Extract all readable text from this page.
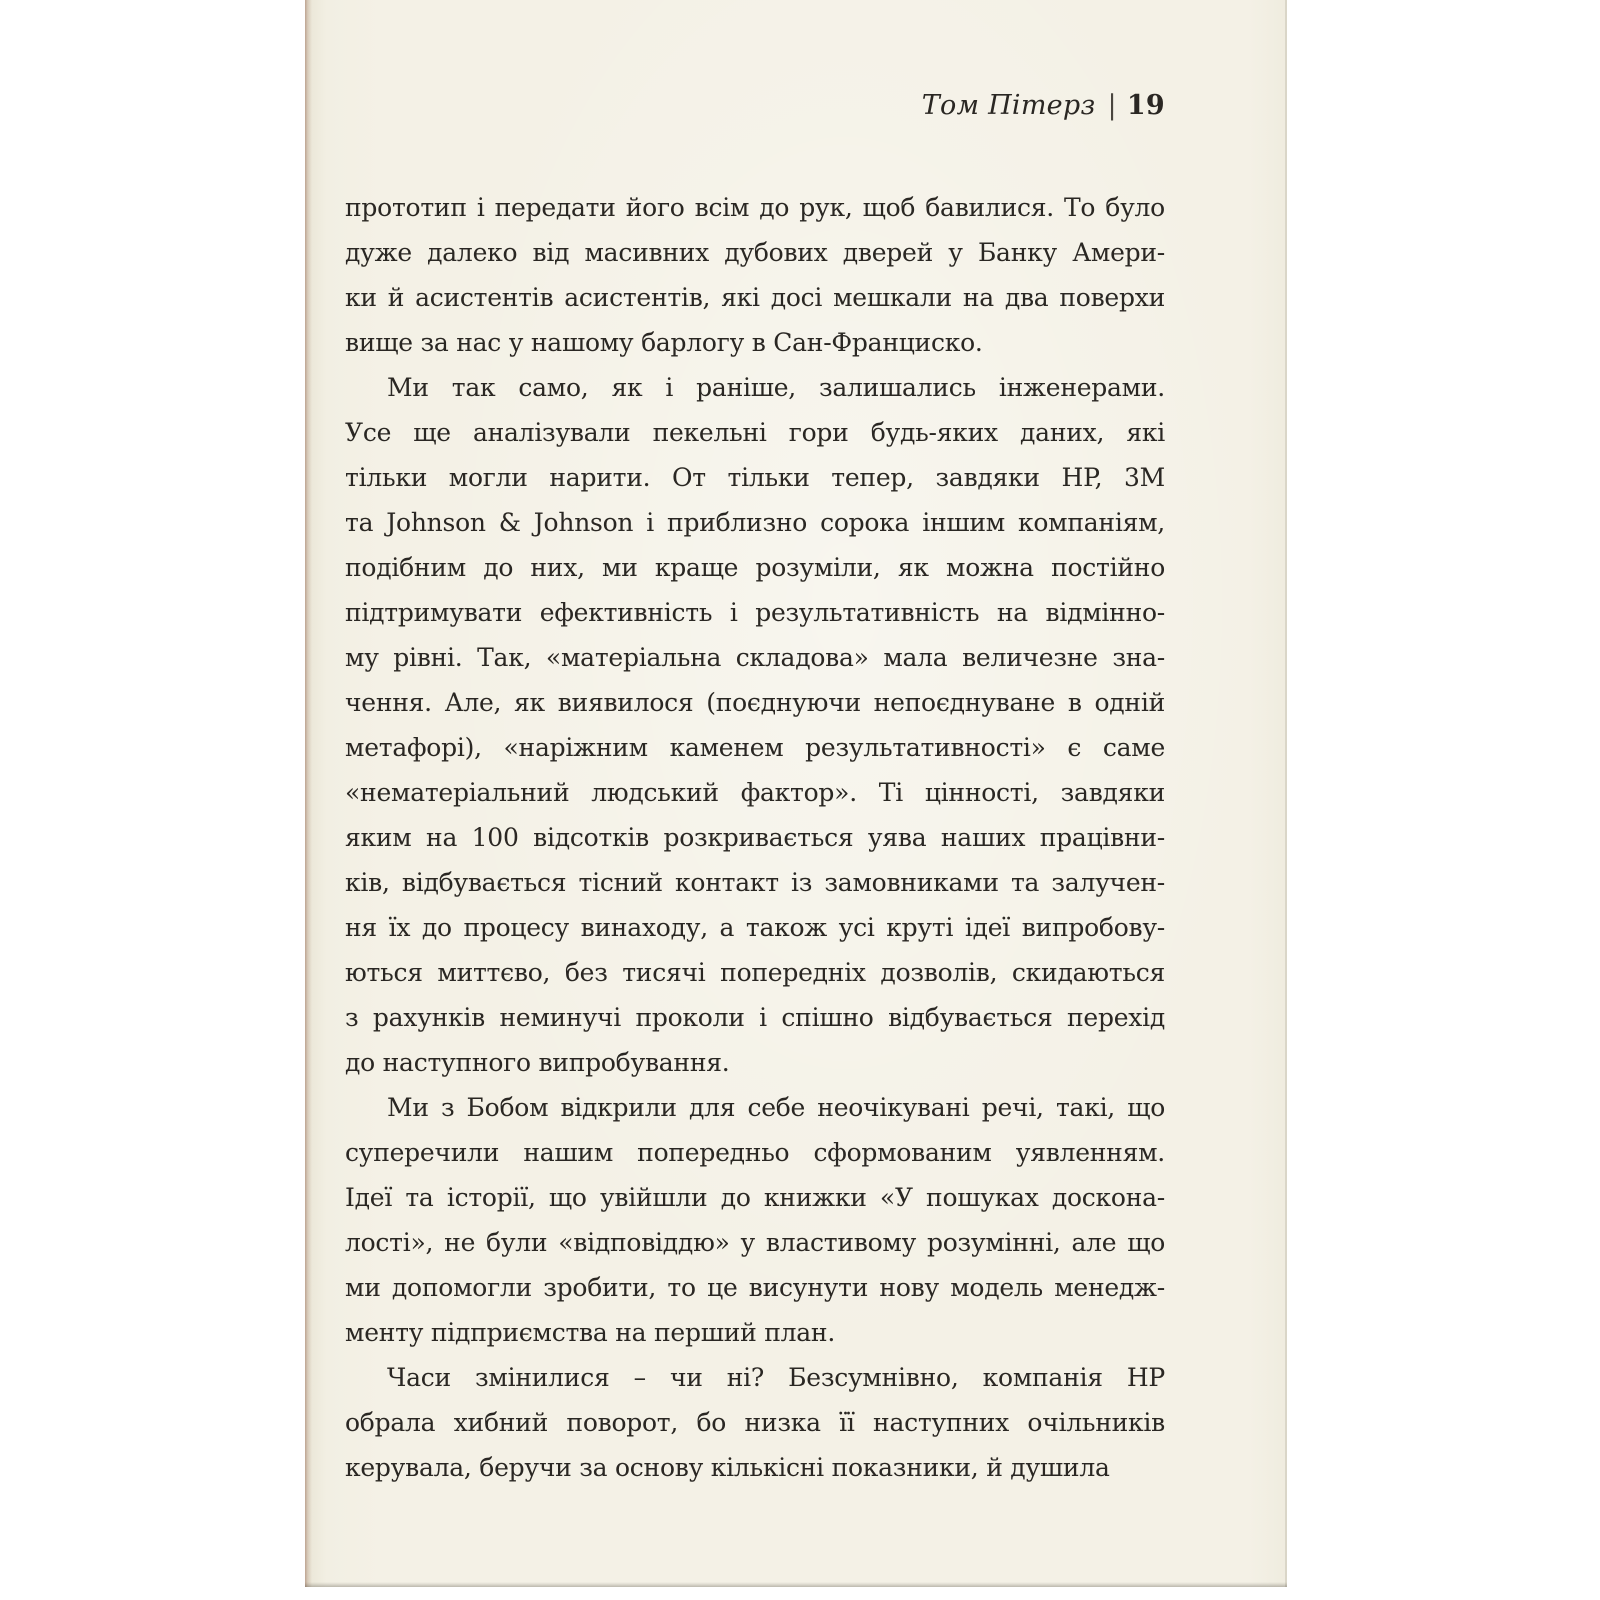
Том Пітерз | 19
прототип і передати його всім до рук, щоб бавилися. То було
дуже далеко від масивних дубових дверей у Банку Амери-
ки й асистентів асистентів, які досі мешкали на два поверхи
вище за нас у нашому барлогу в Сан-Франциско.
Ми так само, як і раніше, залишались інженерами.
Усе ще аналізували пекельні гори будь-яких даних, які
тільки могли нарити. От тільки тепер, завдяки HP, 3M
та Johnson & Johnson і приблизно сорока іншим компаніям,
подібним до них, ми краще розуміли, як можна постійно
підтримувати ефективність і результативність на відмінно-
му рівні. Так, «матеріальна складова» мала величезне зна-
чення. Але, як виявилося (поєднуючи непоєднуване в одній
метафорі), «наріжним каменем результативності» є саме
«нематеріальний людський фактор». Ті цінності, завдяки
яким на 100 відсотків розкривається уява наших працівни-
ків, відбувається тісний контакт із замовниками та залучен-
ня їх до процесу винаходу, а також усі круті ідеї випробову-
ються миттєво, без тисячі попередніх дозволів, скидаються
з рахунків неминучі проколи і спішно відбувається перехід
до наступного випробування.
Ми з Бобом відкрили для себе неочікувані речі, такі, що
суперечили нашим попередньо сформованим уявленням.
Ідеї та історії, що увійшли до книжки «У пошуках доскона-
лості», не були «відповіддю» у властивому розумінні, але що
ми допомогли зробити, то це висунути нову модель менедж-
менту підприємства на перший план.
Часи змінилися – чи ні? Безсумнівно, компанія HP
обрала хибний поворот, бо низка її наступних очільників
керувала, беручи за основу кількісні показники, й душила
